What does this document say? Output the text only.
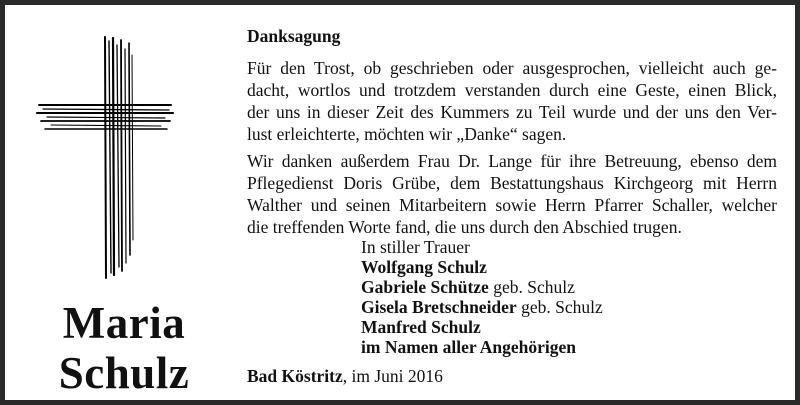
Maria
Schulz
Danksagung
Für den Trost, ob geschrieben oder ausgesprochen, vielleicht auch ge-
dacht, wortlos und trotzdem verstanden durch eine Geste, einen Blick,
der uns in dieser Zeit des Kummers zu Teil wurde und der uns den Ver-
lust erleichterte, möchten wir „Danke“ sagen.
Wir danken außerdem Frau Dr. Lange für ihre Betreuung, ebenso dem
Pflegedienst Doris Grübe, dem Bestattungshaus Kirchgeorg mit Herrn
Walther und seinen Mitarbeitern sowie Herrn Pfarrer Schaller, welcher
die treffenden Worte fand, die uns durch den Abschied trugen.
In stiller Trauer
Wolfgang Schulz
Gabriele Schütze geb. Schulz
Gisela Bretschneider geb. Schulz
Manfred Schulz
im Namen aller Angehörigen
Bad Köstritz, im Juni 2016
